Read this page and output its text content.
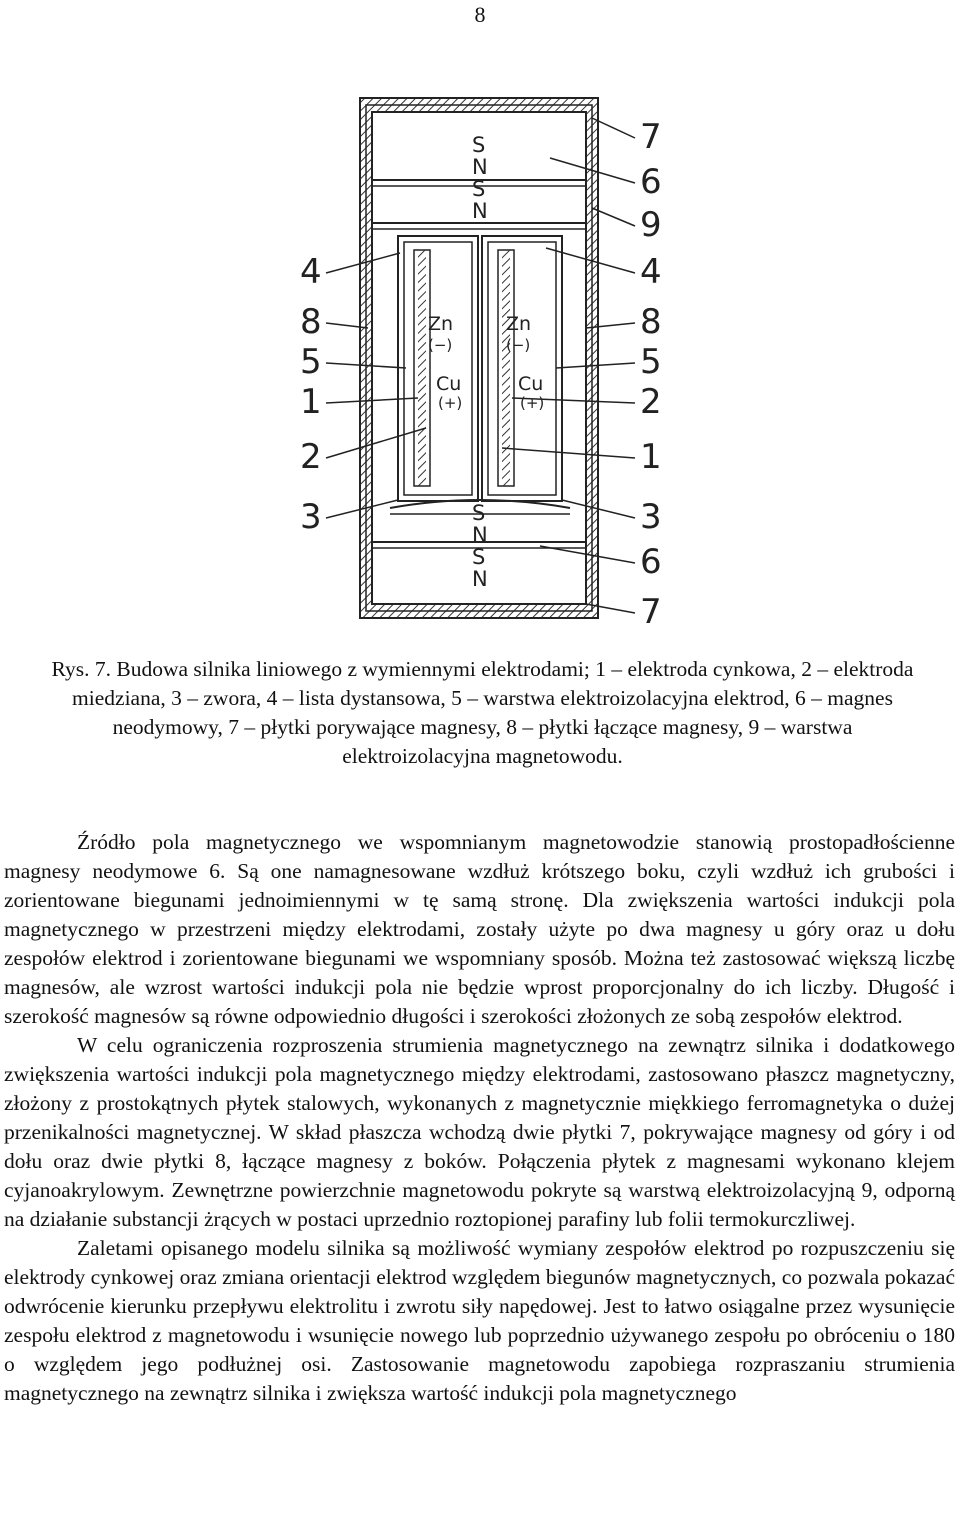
8
S
N
S
N
Zn
(−)
Cu
(+)
Zn
(−)
Cu
(+)
S
N
S
N
4
8
5
1
2
3
7
6
9
4
8
5
2
1
3
6
7
Rys. 7. Budowa silnika liniowego z wymiennymi elektrodami; 1 – elektroda cynkowa, 2 – elektroda miedziana, 3 – zwora, 4 – lista dystansowa, 5 – warstwa elektroizolacyjna elektrod, 6 – magnes neodymowy, 7 – płytki porywające magnesy, 8 – płytki łączące magnesy, 9 – warstwa elektroizolacyjna magnetowodu.

Źródło pola magnetycznego we wspomnianym magnetowodzie stanowią prostopadłościenne magnesy neodymowe 6. Są one namagnesowane wzdłuż krótszego boku, czyli wzdłuż ich grubości i zorientowane biegunami jednoimiennymi w tę samą stronę. Dla zwiększenia wartości indukcji pola magnetycznego w przestrzeni między elektrodami, zostały użyte po dwa magnesy u góry oraz u dołu zespołów elektrod i zorientowane biegunami we wspomniany sposób. Można też zastosować większą liczbę magnesów, ale wzrost wartości indukcji pola nie będzie wprost proporcjonalny do ich liczby. Długość i szerokość magnesów są równe odpowiednio długości i szerokości złożonych ze sobą zespołów elektrod.

W celu ograniczenia rozproszenia strumienia magnetycznego na zewnątrz silnika i dodatkowego zwiększenia wartości indukcji pola magnetycznego między elektrodami, zastosowano płaszcz magnetyczny, złożony z prostokątnych płytek stalowych, wykonanych z magnetycznie miękkiego ferromagnetyka o dużej przenikalności magnetycznej. W skład płaszcza wchodzą dwie płytki 7, pokrywające magnesy od góry i od dołu oraz dwie płytki 8, łączące magnesy z boków. Połączenia płytek z magnesami wykonano klejem cyjanoakrylowym. Zewnętrzne powierzchnie magnetowodu pokryte są warstwą elektroizolacyjną 9, odporną na działanie substancji żrących w postaci uprzednio roztopionej parafiny lub folii termokurczliwej.

Zaletami opisanego modelu silnika są możliwość wymiany zespołów elektrod po rozpuszczeniu się elektrody cynkowej oraz zmiana orientacji elektrod względem biegunów magnetycznych, co pozwala pokazać odwrócenie kierunku przepływu elektrolitu i zwrotu siły napędowej. Jest to łatwo osiągalne przez wysunięcie zespołu elektrod z magnetowodu i wsunięcie nowego lub poprzednio używanego zespołu po obróceniu o 180 o względem jego podłużnej osi. Zastosowanie magnetowodu zapobiega rozpraszaniu strumienia magnetycznego na zewnątrz silnika i zwiększa wartość indukcji pola magnetycznego
